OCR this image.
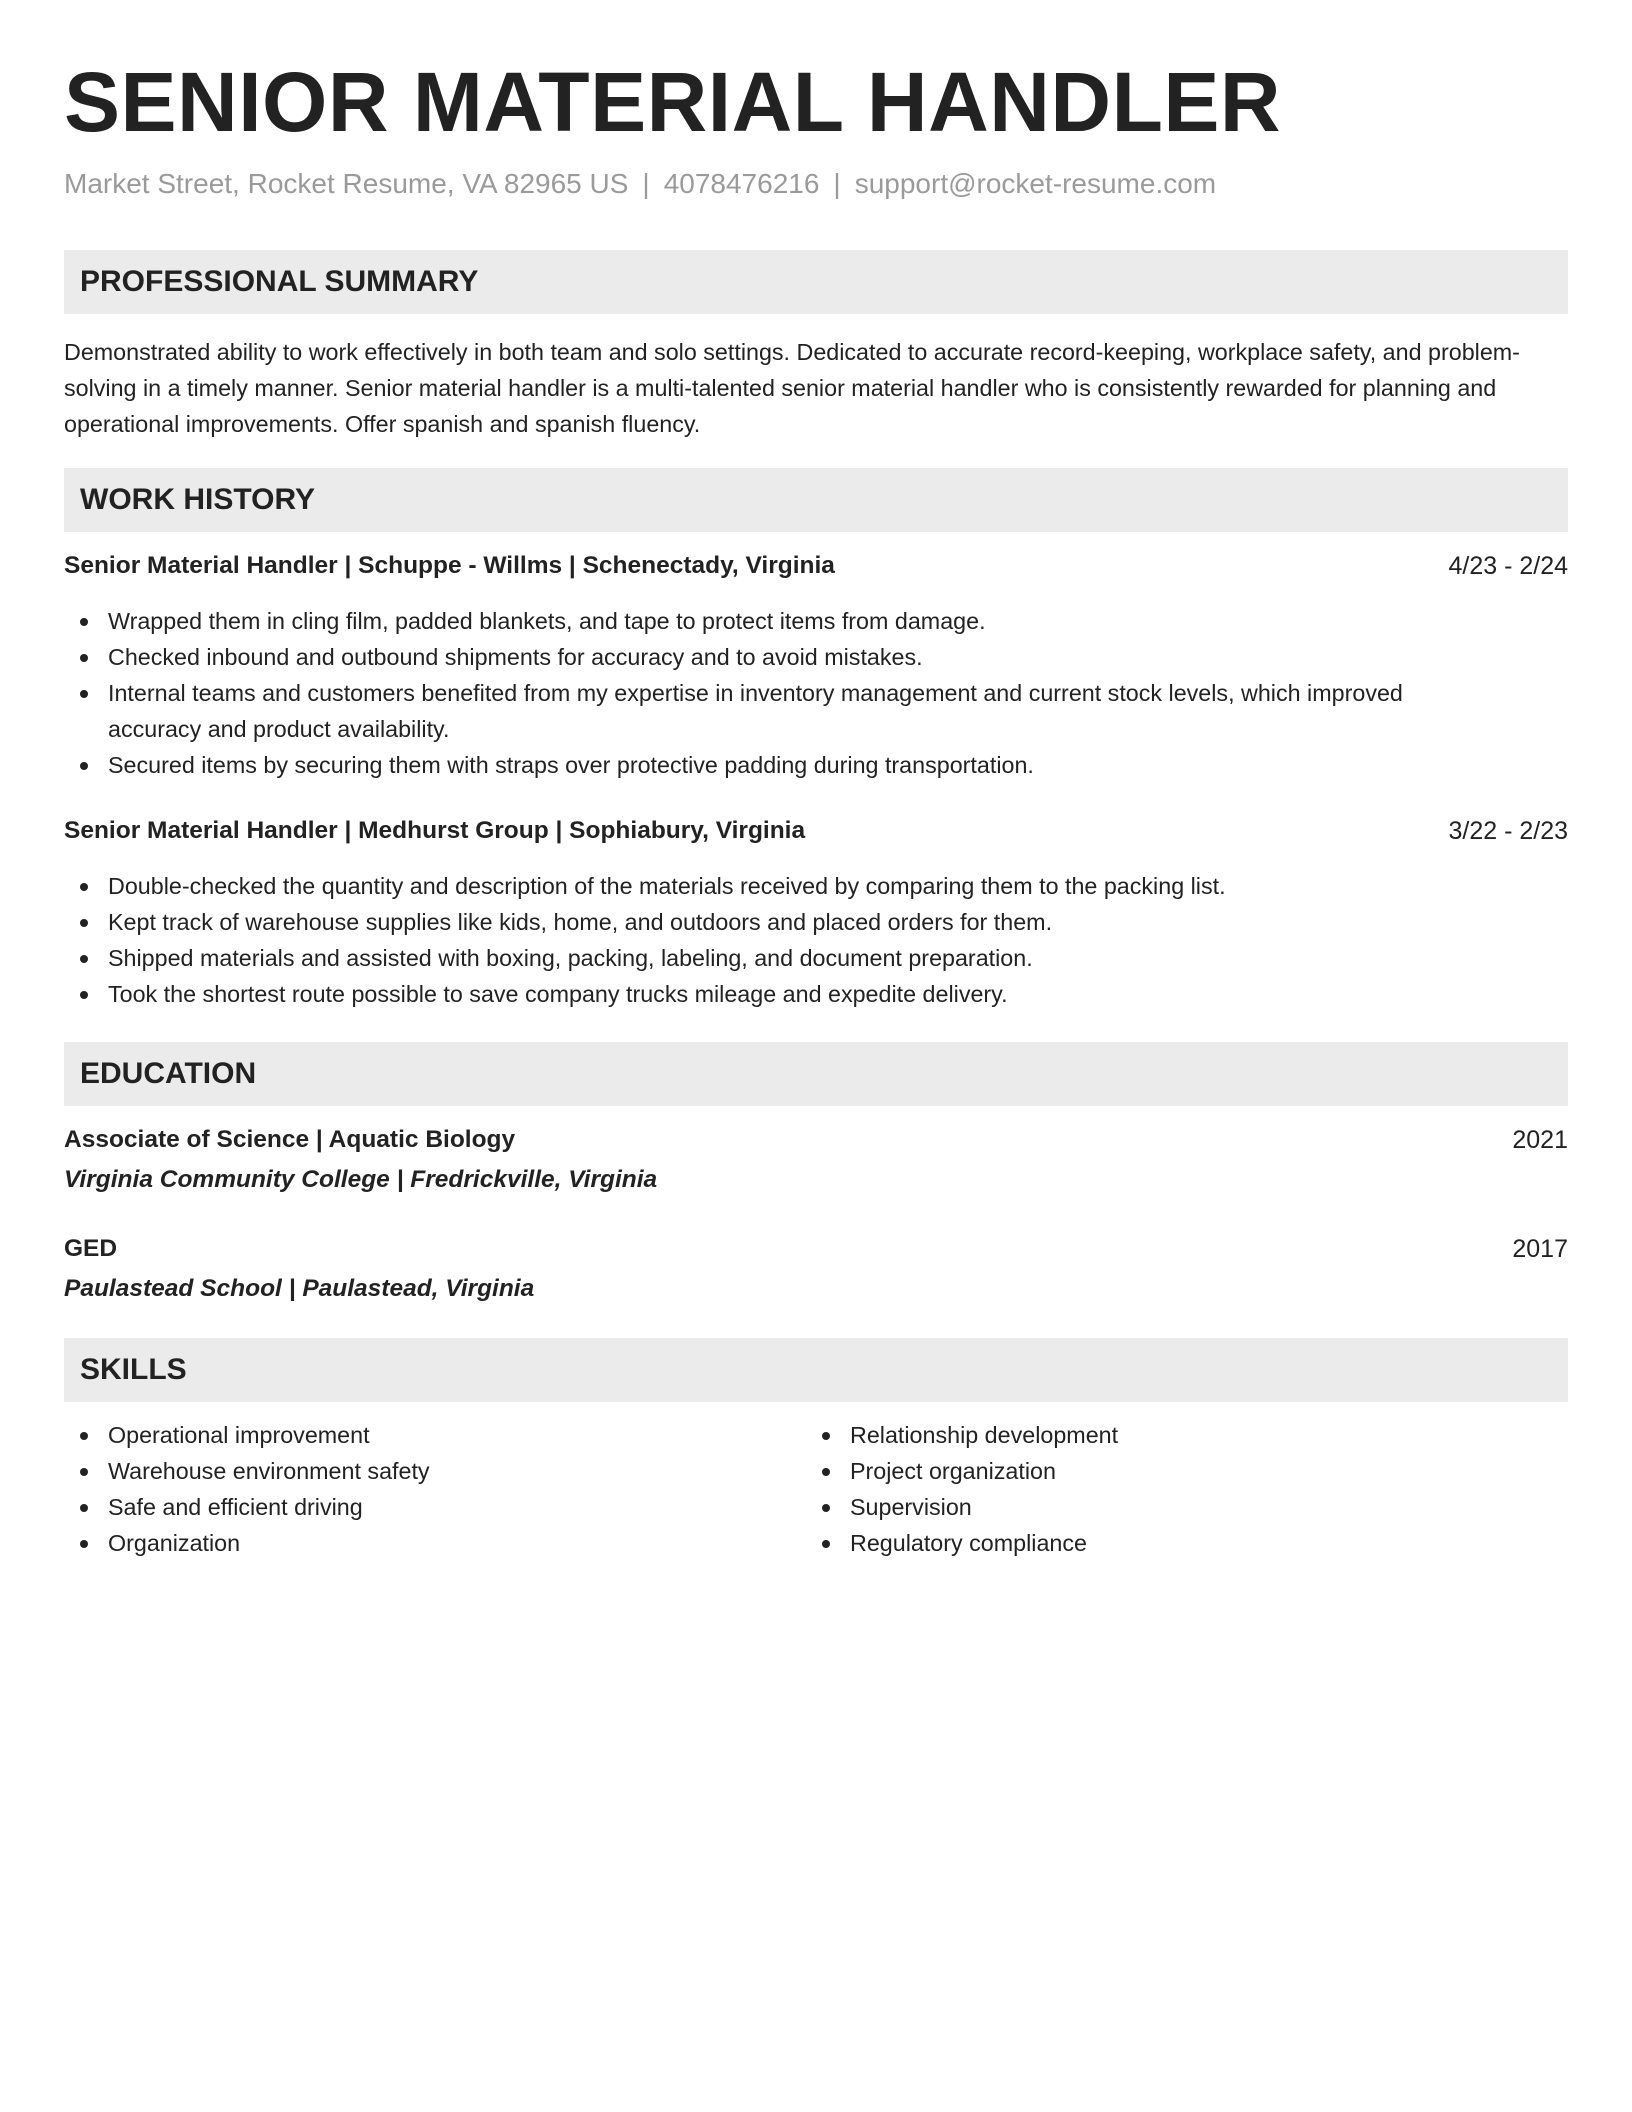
SENIOR MATERIAL HANDLER
Market Street, Rocket Resume, VA 82965 US | 4078476216 | support@rocket-resume.com
PROFESSIONAL SUMMARY
Demonstrated ability to work effectively in both team and solo settings. Dedicated to accurate record-keeping, workplace safety, and problem-solving in a timely manner. Senior material handler is a multi-talented senior material handler who is consistently rewarded for planning and operational improvements. Offer spanish and spanish fluency.
WORK HISTORY
Senior Material Handler | Schuppe - Willms | Schenectady, Virginia	4/23 - 2/24
Wrapped them in cling film, padded blankets, and tape to protect items from damage.
Checked inbound and outbound shipments for accuracy and to avoid mistakes.
Internal teams and customers benefited from my expertise in inventory management and current stock levels, which improved accuracy and product availability.
Secured items by securing them with straps over protective padding during transportation.
Senior Material Handler | Medhurst Group | Sophiabury, Virginia	3/22 - 2/23
Double-checked the quantity and description of the materials received by comparing them to the packing list.
Kept track of warehouse supplies like kids, home, and outdoors and placed orders for them.
Shipped materials and assisted with boxing, packing, labeling, and document preparation.
Took the shortest route possible to save company trucks mileage and expedite delivery.
EDUCATION
Associate of Science | Aquatic Biology	2021
Virginia Community College | Fredrickville, Virginia
GED	2017
Paulastead School | Paulastead, Virginia
SKILLS
Operational improvement
Warehouse environment safety
Safe and efficient driving
Organization
Relationship development
Project organization
Supervision
Regulatory compliance
